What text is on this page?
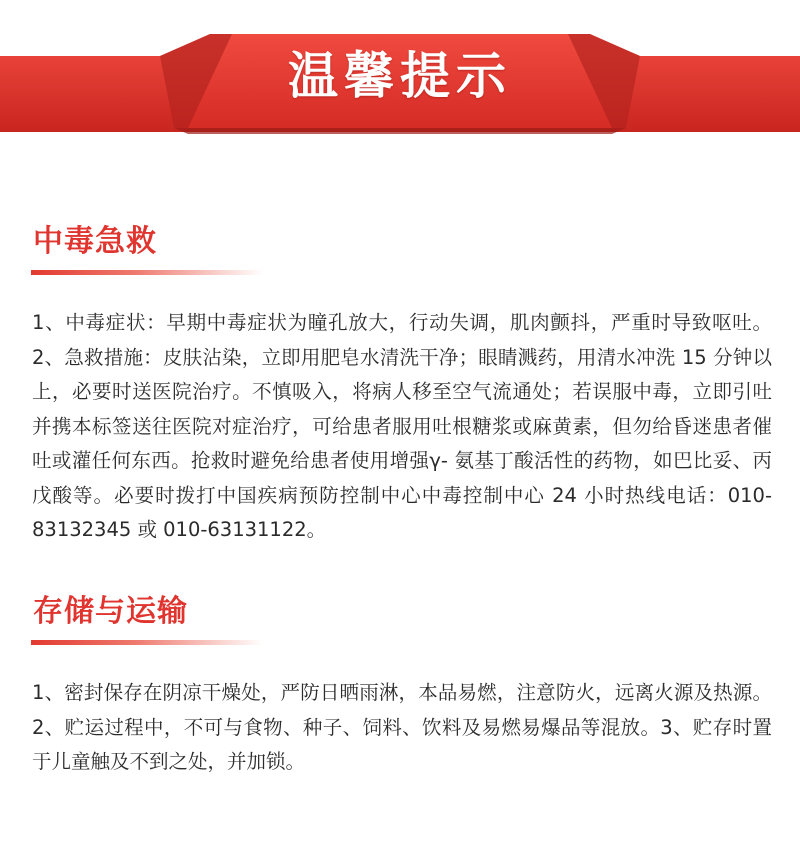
温馨提示
中毒急救

1、中毒症状：早期中毒症状为瞳孔放大，行动失调，肌肉颤抖，严重时导致呕吐。2、急救措施：皮肤沾染，立即用肥皂水清洗干净；眼睛溅药，用清水冲洗 15 分钟以上，必要时送医院治疗。不慎吸入，将病人移至空气流通处；若误服中毒，立即引吐并携本标签送往医院对症治疗，可给患者服用吐根糖浆或麻黄素，但勿给昏迷患者催吐或灌任何东西。抢救时避免给患者使用增强γ- 氨基丁酸活性的药物，如巴比妥、丙戊酸等。必要时拨打中国疾病预防控制中心中毒控制中心 24 小时热线电话：010-83132345 或 010-63131122。

存储与运输

1、密封保存在阴凉干燥处，严防日晒雨淋，本品易燃，注意防火，远离火源及热源。2、贮运过程中，不可与食物、种子、饲料、饮料及易燃易爆品等混放。3、贮存时置于儿童触及不到之处，并加锁。
